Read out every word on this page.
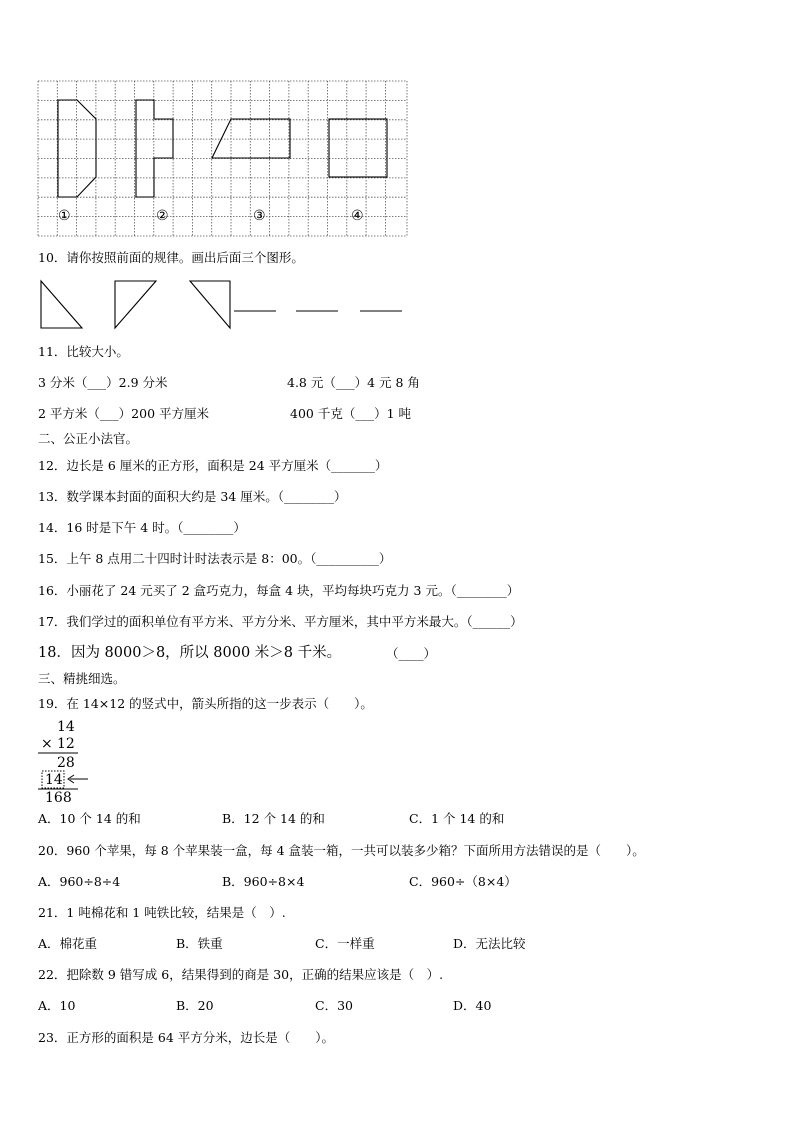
①	②	③	④
10．请你按照前面的规律。画出后面三个图形。
11．比较大小。
3 分米（___）2.9 分米	4.8 元（___）4 元 8 角
2 平方米（___）200 平方厘米	400 千克（___）1 吨
二、公正小法官。
12．边长是 6 厘米的正方形，面积是 24 平方厘米（_______）
13．数学课本封面的面积大约是 34 厘米。（________）
14．16 时是下午 4 时。（________）
15．上午 8 点用二十四时计时法表示是 8：00。（__________）
16．小丽花了 24 元买了 2 盒巧克力，每盒 4 块，平均每块巧克力 3 元。（________）
17．我们学过的面积单位有平方米、平方分米、平方厘米，其中平方米最大。（______）
18．因为 8000＞8，所以 8000 米＞8 千米。	（____）
三、精挑细选。
19．在 14×12 的竖式中，箭头所指的这一步表示（　　）。
14
× 12
28
14
168
A．10 个 14 的和	B．12 个 14 的和	C．1 个 14 的和
20．960 个苹果，每 8 个苹果装一盒，每 4 盒装一箱，一共可以装多少箱？下面所用方法错误的是（　　）。
A．960÷8÷4	B．960÷8×4	C．960÷（8×4）
21．1 吨棉花和 1 吨铁比较，结果是（　）.
A．棉花重	B．铁重	C．一样重	D．无法比较
22．把除数 9 错写成 6，结果得到的商是 30，正确的结果应该是（　）.
A．10	B．20	C．30	D．40
23．正方形的面积是 64 平方分米，边长是（　　）。
